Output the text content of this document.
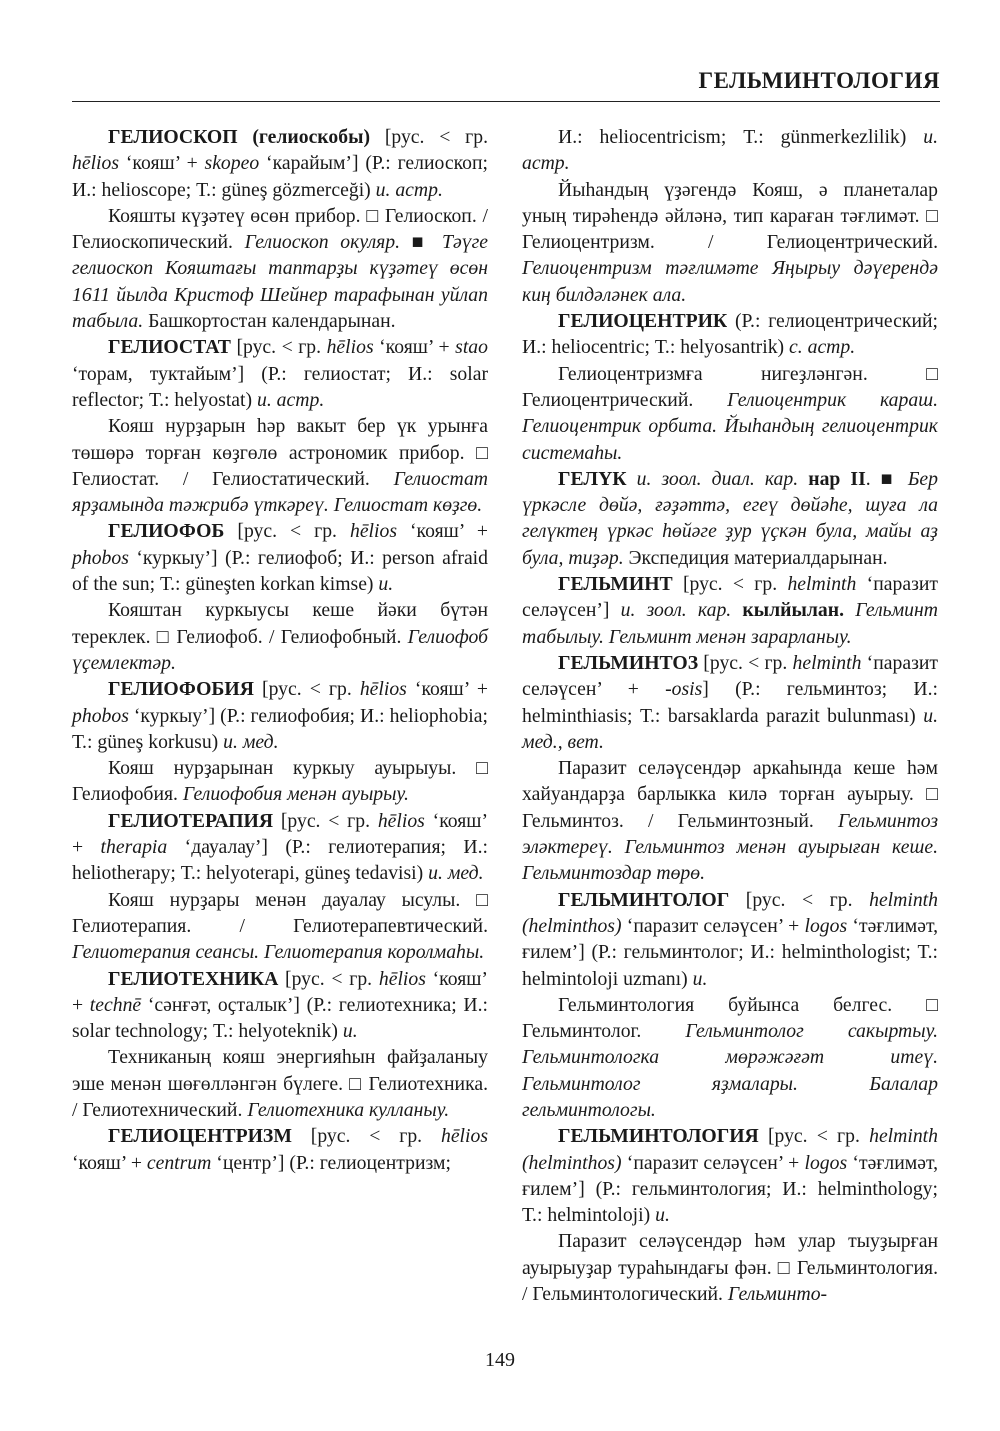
ГЕЛЬМИНТОЛОГИЯ

ГЕЛИОСКОП (гелиоскобы) [рус. < гр. hēlios ‘кояш’ + skopeo ‘карайым’] (Р.: гелиоскоп; И.: helioscope; Т.: güneş gözmerceği) и. астр.

Кояшты күҙәтеү өсөн прибор. □ Гелиоскоп. / Гелиоскопический. Гелиоскоп окуляр. ■ Тәүге гелиоскоп Кояштағы таптарҙы күҙәтеү өсөн 1611 йылда Кристоф Шейнер тарафынан уйлап табыла. Башкортостан календарынан.

ГЕЛИОСТАТ [рус. < гр. hēlios ‘кояш’ + stao ‘торам, туктайым’] (Р.: гелиостат; И.: solar reflector; Т.: helyostat) и. астр.

Кояш нурҙарын һәр вакыт бер үк урынға төшөрә торған көҙгөлө астрономик прибор. □ Гелиостат. / Гелиостатический. Гелиостат ярҙамында тәжрибә үткәреү. Гелиостат көҙгө.

ГЕЛИОФОБ [рус. < гр. hēlios ‘кояш’ + phobos ‘куркыу’] (Р.: гелиофоб; И.: person afraid of the sun; Т.: güneşten korkan kimse) и.

Кояштан куркыусы кеше йәки бүтән тереклек. □ Гелиофоб. / Гелиофобный. Гелиофоб үҫемлектәр.

ГЕЛИОФОБИЯ [рус. < гр. hēlios ‘кояш’ + phobos ‘куркыу’] (Р.: гелиофобия; И.: heliophobia; Т.: güneş korkusu) и. мед.

Кояш нурҙарынан куркыу ауырыуы. □ Гелиофобия. Гелиофобия менән ауырыу.

ГЕЛИОТЕРАПИЯ [рус. < гр. hēlios ‘кояш’ + therapia ‘дауалау’] (Р.: гелиотерапия; И.: heliotherapy; Т.: helyoterapi, güneş tedavisi) и. мед.

Кояш нурҙары менән дауалау ысулы. □ Гелиотерапия. / Гелиотерапевтический. Гелиотерапия сеансы. Гелиотерапия королмаһы.

ГЕЛИОТЕХНИКА [рус. < гр. hēlios ‘кояш’ + technē ‘сәнғәт, оҫталык’] (Р.: гелиотехника; И.: solar technology; Т.: helyoteknik) и.

Техниканың кояш энергияһын файҙаланыу эше менән шөғөлләнгән бүлеге. □ Гелиотехника. / Гелиотехнический. Гелиотехника кулланыу.

ГЕЛИОЦЕНТРИЗМ [рус. < гр. hēlios ‘кояш’ + centrum ‘центр’] (Р.: гелиоцентризм;

И.: heliocentricism; Т.: günmerkezlilik) и. астр.

Йыһандың үҙәгендә Кояш, ә планеталар уның тирәһендә әйләнә, тип караған тәғлимәт. □ Гелиоцентризм. / Гелиоцентрический. Гелиоцентризм тәғлимәте Яңырыу дәүерендә киң билдәләнек ала.

ГЕЛИОЦЕНТРИК (Р.: гелиоцентрический; И.: heliocentric; Т.: helyosantrik) с. астр.

Гелиоцентризмға нигеҙләнгән. □ Гелиоцентрический. Гелиоцентрик караш. Гелиоцентрик орбита. Йыһандың гелиоцентрик системаһы.

ГЕЛҮК и. зоол. диал. кар. нар II. ■ Бер үркәсле дөйә, ғәҙәттә, егеү дөйәһе, шуға ла гелүктең үркәс һөйәге ҙур үҫкән була, майы аҙ була, тиҙәр. Экспедиция материалдарынан.

ГЕЛЬМИНТ [рус. < гр. helminth ‘паразит селәүсен’] и. зоол. кар. кылйылан. Гельминт табылыу. Гельминт менән зарарланыу.

ГЕЛЬМИНТОЗ [рус. < гр. helminth ‘паразит селәүсен’ + -osis] (Р.: гельминтоз; И.: helminthiasis; Т.: barsaklarda parazit bulunması) и. мед., вет.

Паразит селәүсендәр аркаһында кеше һәм хайуандарҙа барлыкка килә торған ауырыу. □ Гельминтоз. / Гельминтозный. Гельминтоз эләктереү. Гельминтоз менән ауырыған кеше. Гельминтоздар төрө.

ГЕЛЬМИНТОЛОГ [рус. < гр. helminth (helminthos) ‘паразит селәүсен’ + logos ‘тәғлимәт, ғилем’] (Р.: гельминтолог; И.: helminthologist; Т.: helmintoloji uzmanı) и.

Гельминтология буйынса белгес. □ Гельминтолог. Гельминтолог сакыртыу. Гельминтологка мөрәжәғәт итеү. Гельминтолог яҙмалары. Балалар гельминтологы.

ГЕЛЬМИНТОЛОГИЯ [рус. < гр. helminth (helminthos) ‘паразит селәүсен’ + logos ‘тәғлимәт, ғилем’] (Р.: гельминтология; И.: helminthology; Т.: helmintoloji) и.

Паразит селәүсендәр һәм улар тыуҙырған ауырыуҙар тураһындағы фән. □ Гельминтология. / Гельминтологический. Гельминто-

149
